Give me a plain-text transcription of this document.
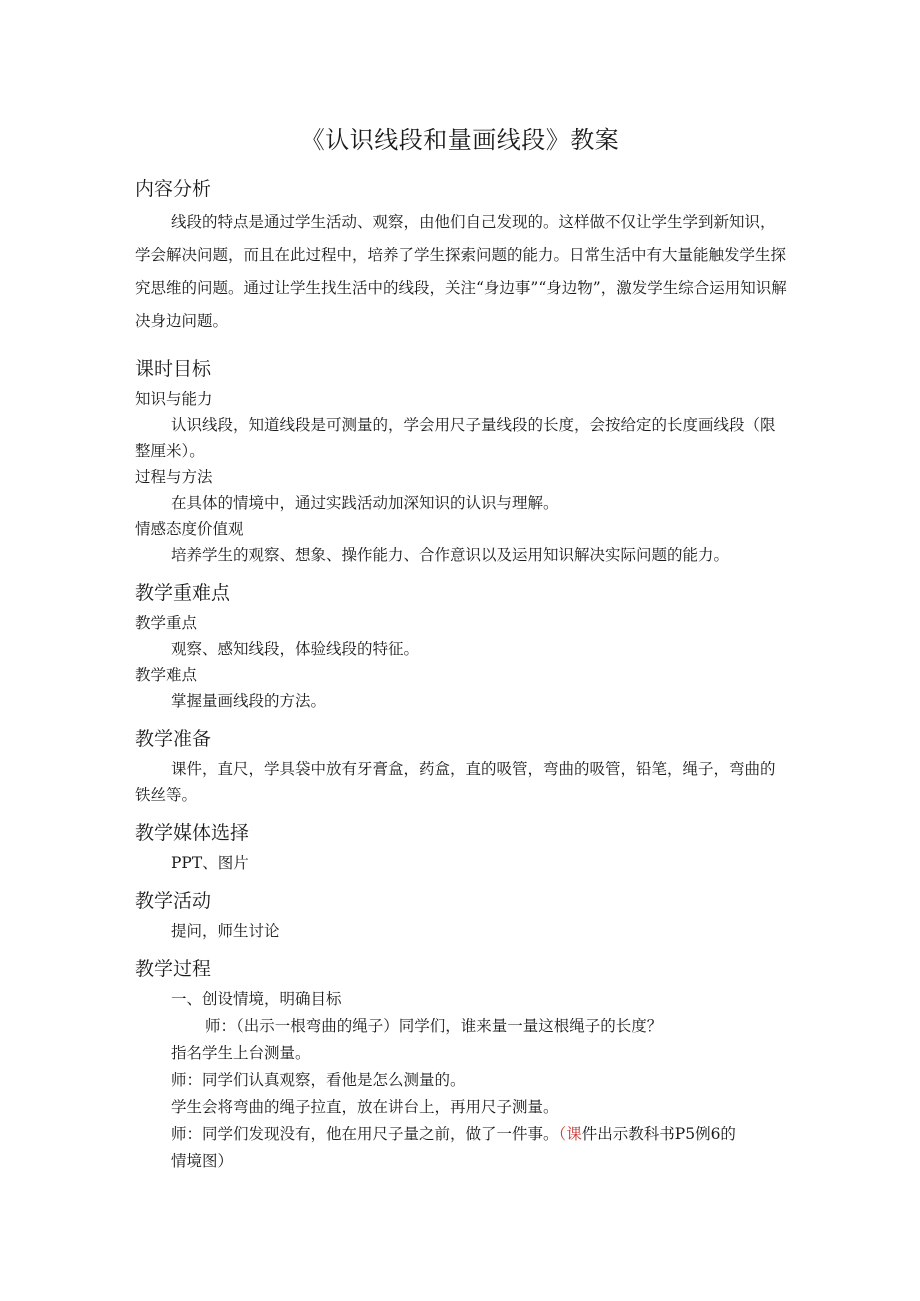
《认识线段和量画线段》教案
内容分析

线段的特点是通过学生活动、观察，由他们自己发现的。这样做不仅让学生学到新知识，学会解决问题，而且在此过程中，培养了学生探索问题的能力。日常生活中有大量能触发学生探究思维的问题。通过让学生找生活中的线段，关注“身边事”“身边物”，激发学生综合运用知识解决身边问题。

课时目标

知识与能力

认识线段，知道线段是可测量的，学会用尺子量线段的长度，会按给定的长度画线段（限整厘米）。

过程与方法

在具体的情境中，通过实践活动加深知识的认识与理解。

情感态度价值观

培养学生的观察、想象、操作能力、合作意识以及运用知识解决实际问题的能力。

教学重难点

教学重点

观察、感知线段，体验线段的特征。

教学难点

掌握量画线段的方法。

教学准备

课件，直尺，学具袋中放有牙膏盒，药盒，直的吸管，弯曲的吸管，铅笔，绳子，弯曲的铁丝等。

教学媒体选择

PPT、图片

教学活动

提问，师生讨论

教学过程

一、创设情境，明确目标

师：（出示一根弯曲的绳子）同学们，谁来量一量这根绳子的长度？

指名学生上台测量。

师：同学们认真观察，看他是怎么测量的。

学生会将弯曲的绳子拉直，放在讲台上，再用尺子测量。

师：同学们发现没有，他在用尺子量之前，做了一件事。（课件出示教科书P5例6的

情境图）
